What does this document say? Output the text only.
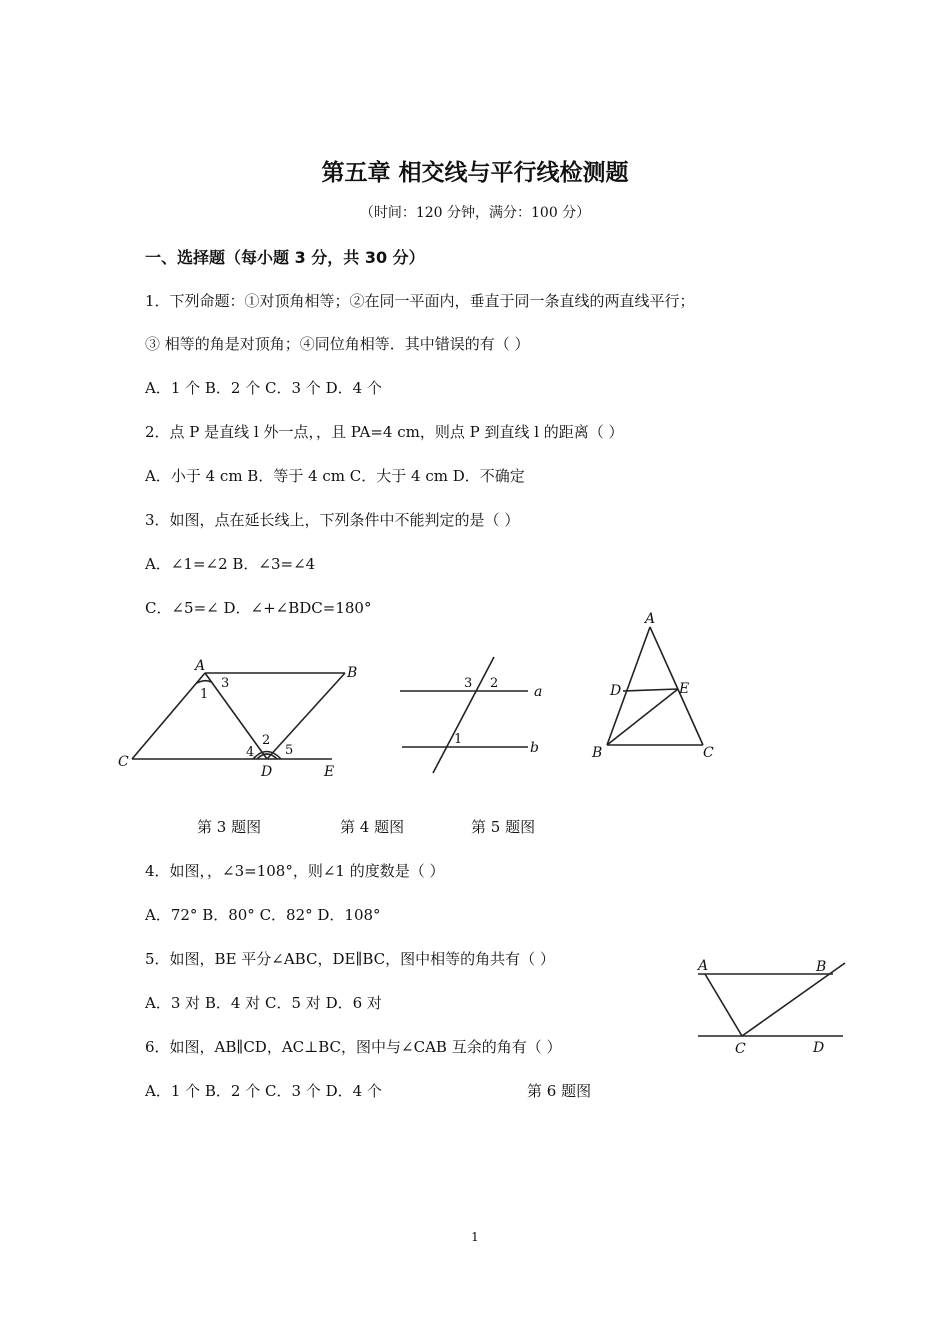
第五章 相交线与平行线检测题
（时间：120 分钟，满分：100 分）
一、选择题（每小题 3 分，共 30 分）
1．下列命题：①对顶角相等；②在同一平面内，垂直于同一条直线的两直线平行；
③ 相等的角是对顶角；④同位角相等．其中错误的有（ ）
A．1 个 B．2 个 C．3 个 D．4 个
2．点 P 是直线 l 外一点，，且 PA=4 cm，则点 P 到直线 l 的距离（ ）
A．小于 4 cm B．等于 4 cm C．大于 4 cm D．不确定
3．如图，点在延长线上，下列条件中不能判定的是（ ）
A．∠1=∠2 B．∠3=∠4
C．∠5=∠ D．∠+∠BDC=180°
A	B
C
D	E
1
2
3
4 5
a
b
1
2
3
A
B	C
D	E
第 3 题图	第 4 题图	第 5 题图
4．如图，，∠3=108°，则∠1 的度数是（ ）
A．72° B．80° C．82° D．108°
5．如图，BE 平分∠ABC，DE∥BC，图中相等的角共有（ ）
A．3 对 B．4 对 C．5 对 D．6 对
6．如图，AB∥CD，AC⊥BC，图中与∠CAB 互余的角有（ ）
A．1 个 B．2 个 C．3 个 D．4 个	第 6 题图
A	B
C	D
1
